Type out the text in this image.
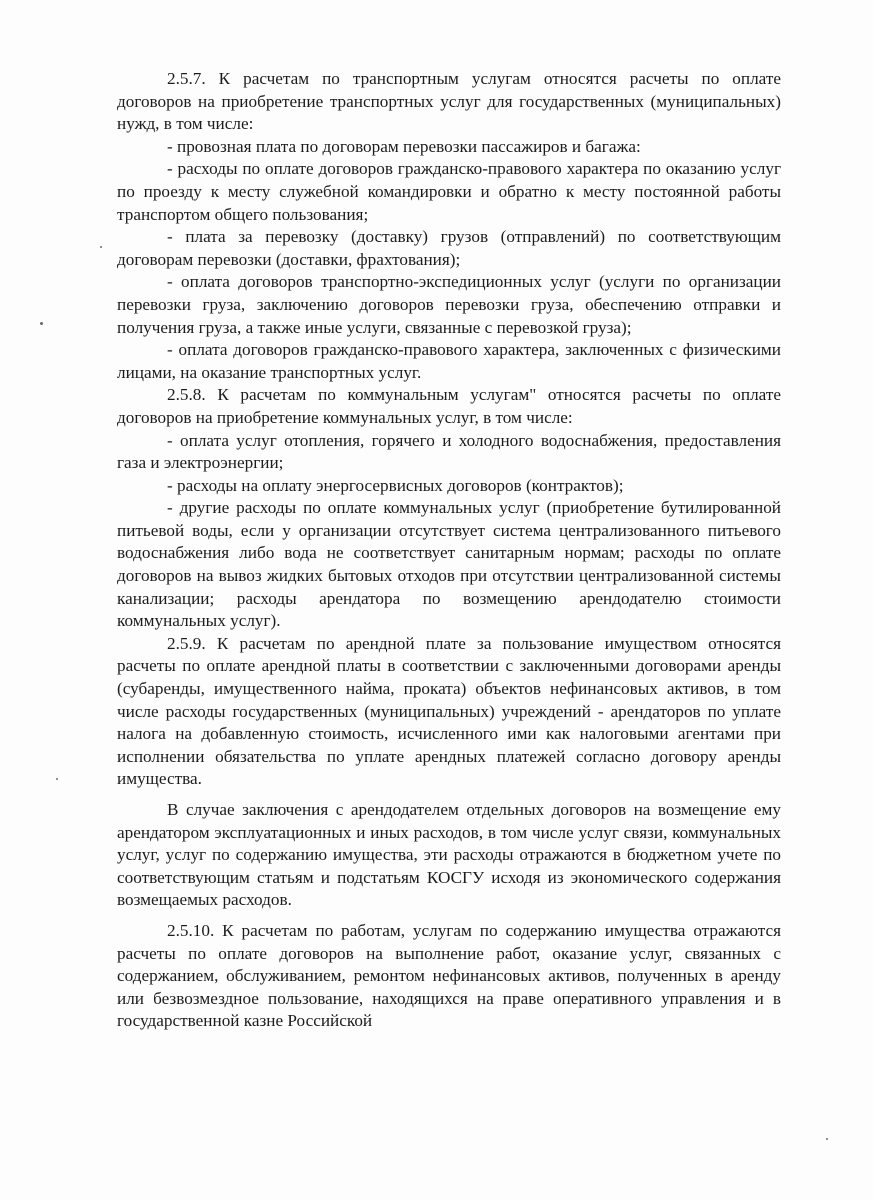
2.5.7. К расчетам по транспортным услугам относятся расчеты по оплате договоров на приобретение транспортных услуг для государственных (муниципальных) нужд, в том числе:

- провозная плата по договорам перевозки пассажиров и багажа:

- расходы по оплате договоров гражданско-правового характера по оказанию услуг по проезду к месту служебной командировки и обратно к месту постоянной работы транспортом общего пользования;

- плата за перевозку (доставку) грузов (отправлений) по соответствующим договорам перевозки (доставки, фрахтования);

- оплата договоров транспортно-экспедиционных услуг (услуги по организации перевозки груза, заключению договоров перевозки груза, обеспечению отправки и получения груза, а также иные услуги, связанные с перевозкой груза);

- оплата договоров гражданско-правового характера, заключенных с физическими лицами, на оказание транспортных услуг.

2.5.8. К расчетам по коммунальным услугам" относятся расчеты по оплате договоров на приобретение коммунальных услуг, в том числе:

- оплата услуг отопления, горячего и холодного водоснабжения, предоставления газа и электроэнергии;

- расходы на оплату энергосервисных договоров (контрактов);

- другие расходы по оплате коммунальных услуг (приобретение бутилированной питьевой воды, если у организации отсутствует система централизованного питьевого водоснабжения либо вода не соответствует санитарным нормам; расходы по оплате договоров на вывоз жидких бытовых отходов при отсутствии централизованной системы канализации; расходы арендатора по возмещению арендодателю стоимости коммунальных услуг).

2.5.9. К расчетам по арендной плате за пользование имуществом относятся расчеты по оплате арендной платы в соответствии с заключенными договорами аренды (субаренды, имущественного найма, проката) объектов нефинансовых активов, в том числе расходы государственных (муниципальных) учреждений - арендаторов по уплате налога на добавленную стоимость, исчисленного ими как налоговыми агентами при исполнении обязательства по уплате арендных платежей согласно договору аренды имущества.

В случае заключения с арендодателем отдельных договоров на возмещение ему арендатором эксплуатационных и иных расходов, в том числе услуг связи, коммунальных услуг, услуг по содержанию имущества, эти расходы отражаются в бюджетном учете по соответствующим статьям и подстатьям КОСГУ исходя из экономического содержания возмещаемых расходов.

2.5.10. К расчетам по работам, услугам по содержанию имущества отражаются расчеты по оплате договоров на выполнение работ, оказание услуг, связанных с содержанием, обслуживанием, ремонтом нефинансовых активов, полученных в аренду или безвозмездное пользование, находящихся на праве оперативного управления и в государственной казне Российской
